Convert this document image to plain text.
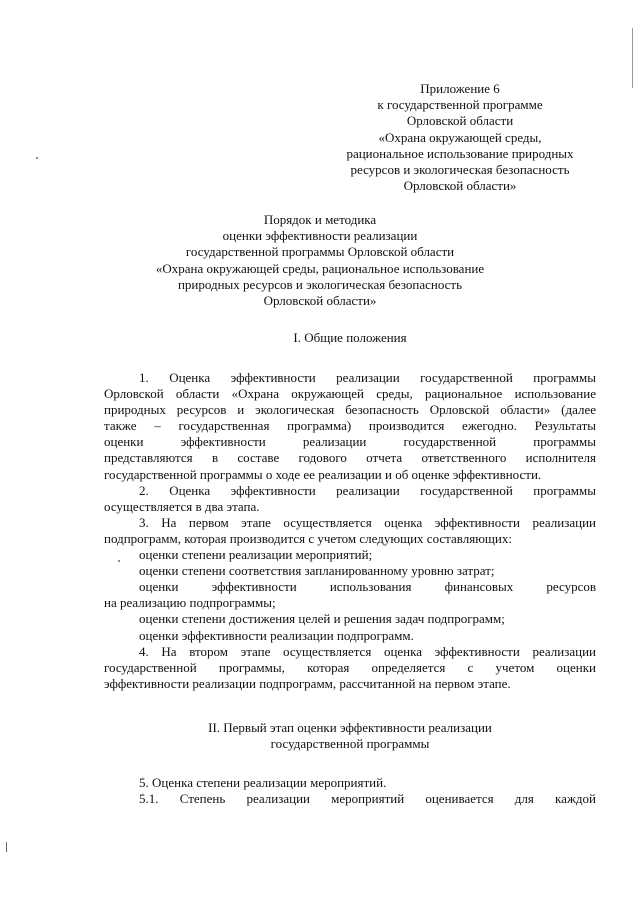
Приложение 6
к государственной программе
Орловской области
«Охрана окружающей среды,
рациональное использование природных
ресурсов и экологическая безопасность
Орловской области»
Порядок и методика
оценки эффективности реализации
государственной программы Орловской области
«Охрана окружающей среды, рациональное использование
природных ресурсов и экологическая безопасность
Орловской области»
I. Общие положения
1. Оценка эффективности реализации государственной программы
Орловской области «Охрана окружающей среды, рациональное использование
природных ресурсов и экологическая безопасность Орловской области» (далее
также – государственная программа) производится ежегодно. Результаты
оценки эффективности реализации государственной программы
представляются в составе годового отчета ответственного исполнителя
государственной программы о ходе ее реализации и об оценке эффективности.
2. Оценка эффективности реализации государственной программы
осуществляется в два этапа.
3. На первом этапе осуществляется оценка эффективности реализации
подпрограмм, которая производится с учетом следующих составляющих:
оценки степени реализации мероприятий;
оценки степени соответствия запланированному уровню затрат;
оценки эффективности использования финансовых ресурсов
на реализацию подпрограммы;
оценки степени достижения целей и решения задач подпрограмм;
оценки эффективности реализации подпрограмм.
4. На втором этапе осуществляется оценка эффективности реализации
государственной программы, которая определяется с учетом оценки
эффективности реализации подпрограмм, рассчитанной на первом этапе.
II. Первый этап оценки эффективности реализации
государственной программы
5. Оценка степени реализации мероприятий.
5.1. Степень реализации мероприятий оценивается для каждой
